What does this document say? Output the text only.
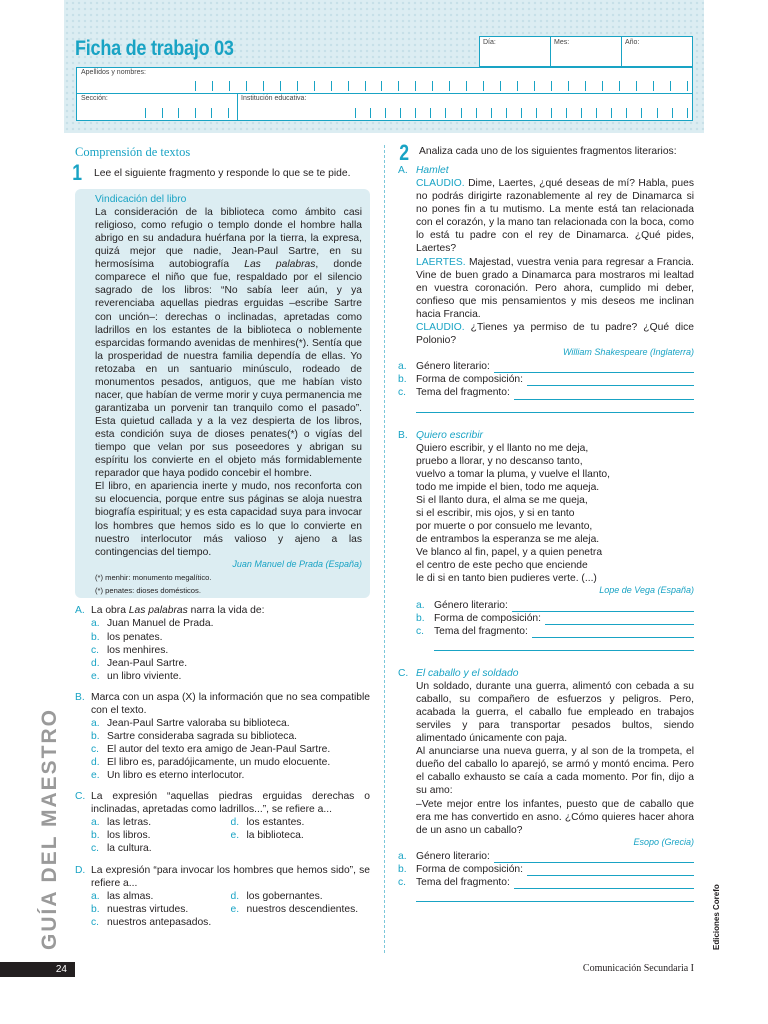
Ficha de trabajo 03	Día:	Mes:	Año:
Apellidos y nombres:
Sección:	Institución educativa:
Comprensión de textos
1 Lee el siguiente fragmento y responde lo que se te pide.
Vindicación del libro

La consideración de la biblioteca como ámbito casi religioso, como refugio o templo donde el hombre halla abrigo en su andadura huérfana por la tierra, la expresa, quizá mejor que nadie, Jean-Paul Sartre, en su hermosísima autobiografía Las palabras, donde comparece el niño que fue, respaldado por el silencio sagrado de los libros: “No sabía leer aún, y ya reverenciaba aquellas piedras erguidas –escribe Sartre con unción–: derechas o inclinadas, apretadas como ladrillos en los estantes de la biblioteca o noblemente esparcidas formando avenidas de menhires(*). Sentía que la prosperidad de nuestra familia dependía de ellas. Yo retozaba en un santuario minúsculo, rodeado de monumentos pesados, antiguos, que me habían visto nacer, que habían de verme morir y cuya permanencia me garantizaba un porvenir tan tranquilo como el pasado”. Esta quietud callada y a la vez despierta de los libros, esta condición suya de dioses penates(*) o vigías del tiempo que velan por sus poseedores y abrigan su espíritu los convierte en el objeto más formidablemente reparador que haya podido concebir el hombre.

El libro, en apariencia inerte y mudo, nos reconforta con su elocuencia, porque entre sus páginas se aloja nuestra biografía espiritual; y es esta capacidad suya para invocar los hombres que hemos sido es lo que lo convierte en nuestro interlocutor más valioso y ajeno a las contingencias del tiempo.

Juan Manuel de Prada (España)
(*) menhir: monumento megalítico.
(*) penates: dioses domésticos.
A. La obra Las palabras narra la vida de:
a. Juan Manuel de Prada.
b. los penates.
c. los menhires.
d. Jean-Paul Sartre.
e. un libro viviente.
B. Marca con un aspa (X) la información que no sea compatible con el texto.
a. Jean-Paul Sartre valoraba su biblioteca.
b. Sartre consideraba sagrada su biblioteca.
c. El autor del texto era amigo de Jean-Paul Sartre.
d. El libro es, paradójicamente, un mudo elocuente.
e. Un libro es eterno interlocutor.
C. La expresión “aquellas piedras erguidas derechas o inclinadas, apretadas como ladrillos...”, se refiere a...
a. las letras.
b. los libros.
c. la cultura.
d. los estantes.
e. la biblioteca.
D. La expresión “para invocar los hombres que hemos sido”, se refiere a...
a. las almas.
b. nuestras virtudes.
c. nuestros antepasados.
d. los gobernantes.
e. nuestros descendientes.
2 Analiza cada uno de los siguientes fragmentos literarios:
A. Hamlet
CLAUDIO. Dime, Laertes, ¿qué deseas de mí? Habla, pues no podrás dirigirte razonablemente al rey de Dinamarca si no pones fin a tu mutismo. La mente está tan relacionada con el corazón, y la mano tan relacionada con la boca, como lo está tu padre con el rey de Dinamarca. ¿Qué pides, Laertes?
LAERTES. Majestad, vuestra venia para regresar a Francia. Vine de buen grado a Dinamarca para mostraros mi lealtad en vuestra coronación. Pero ahora, cumplido mi deber, confieso que mis pensamientos y mis deseos me inclinan hacia Francia.
CLAUDIO. ¿Tienes ya permiso de tu padre? ¿Qué dice Polonio?
William Shakespeare (Inglaterra)
a. Género literario:
b. Forma de composición:
c. Tema del fragmento:
B. Quiero escribir
Quiero escribir, y el llanto no me deja,
pruebo a llorar, y no descanso tanto,
vuelvo a tomar la pluma, y vuelve el llanto,
todo me impide el bien, todo me aqueja.
Si el llanto dura, el alma se me queja,
si el escribir, mis ojos, y si en tanto
por muerte o por consuelo me levanto,
de entrambos la esperanza se me aleja.
Ve blanco al fin, papel, y a quien penetra
el centro de este pecho que enciende
le di si en tanto bien pudieres verte. (...)
Lope de Vega (España)
a. Género literario:
b. Forma de composición:
c. Tema del fragmento:
C. El caballo y el soldado
Un soldado, durante una guerra, alimentó con cebada a su caballo, su compañero de esfuerzos y peligros. Pero, acabada la guerra, el caballo fue empleado en trabajos serviles y para transportar pesados bultos, siendo alimentado únicamente con paja.
Al anunciarse una nueva guerra, y al son de la trompeta, el dueño del caballo lo aparejó, se armó y montó encima. Pero el caballo exhausto se caía a cada momento. Por fin, dijo a su amo:
–Vete mejor entre los infantes, puesto que de caballo que era me has convertido en asno. ¿Cómo quieres hacer ahora de un asno un caballo?
Esopo (Grecia)
a. Género literario:
b. Forma de composición:
c. Tema del fragmento:
GUÍA DEL MAESTRO
24	Comunicación Secundaria I
Ediciones Corefo
